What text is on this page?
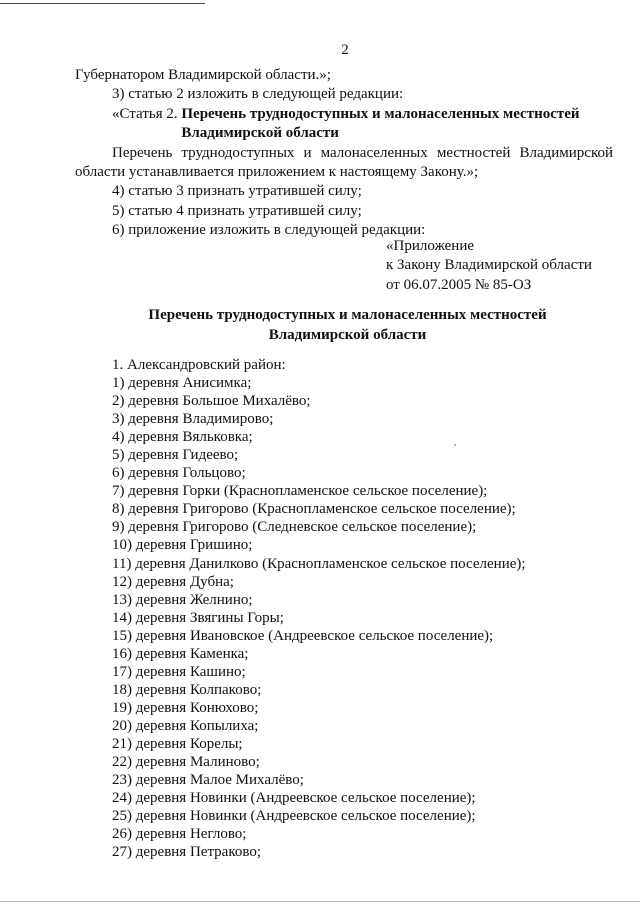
2

Губернатором Владимирской области.»;

3) статью 2 изложить в следующей редакции:

«Статья 2. Перечень труднодоступных и малонаселенных местностей
Владимирской области

Перечень труднодоступных и малонаселенных местностей Владимирской области устанавливается приложением к настоящему Закону.»;

4) статью 3 признать утратившей силу;

5) статью 4 признать утратившей силу;

6) приложение изложить в следующей редакции:

«Приложение
к Закону Владимирской области
от 06.07.2005 № 85-ОЗ
Перечень труднодоступных и малонаселенных местностей
Владимирской области
1. Александровский район:
1) деревня Анисимка;
2) деревня Большое Михалёво;
3) деревня Владимирово;
4) деревня Вяльковка;
5) деревня Гидеево;
6) деревня Гольцово;
7) деревня Горки (Краснопламенское сельское поселение);
8) деревня Григорово (Краснопламенское сельское поселение);
9) деревня Григорово (Следневское сельское поселение);
10) деревня Гришино;
11) деревня Данилково (Краснопламенское сельское поселение);
12) деревня Дубна;
13) деревня Желнино;
14) деревня Звягины Горы;
15) деревня Ивановское (Андреевское сельское поселение);
16) деревня Каменка;
17) деревня Кашино;
18) деревня Колпаково;
19) деревня Конюхово;
20) деревня Копылиха;
21) деревня Корелы;
22) деревня Малиново;
23) деревня Малое Михалёво;
24) деревня Новинки (Андреевское сельское поселение);
25) деревня Новинки (Андреевское сельское поселение);
26) деревня Неглово;
27) деревня Петраково;
